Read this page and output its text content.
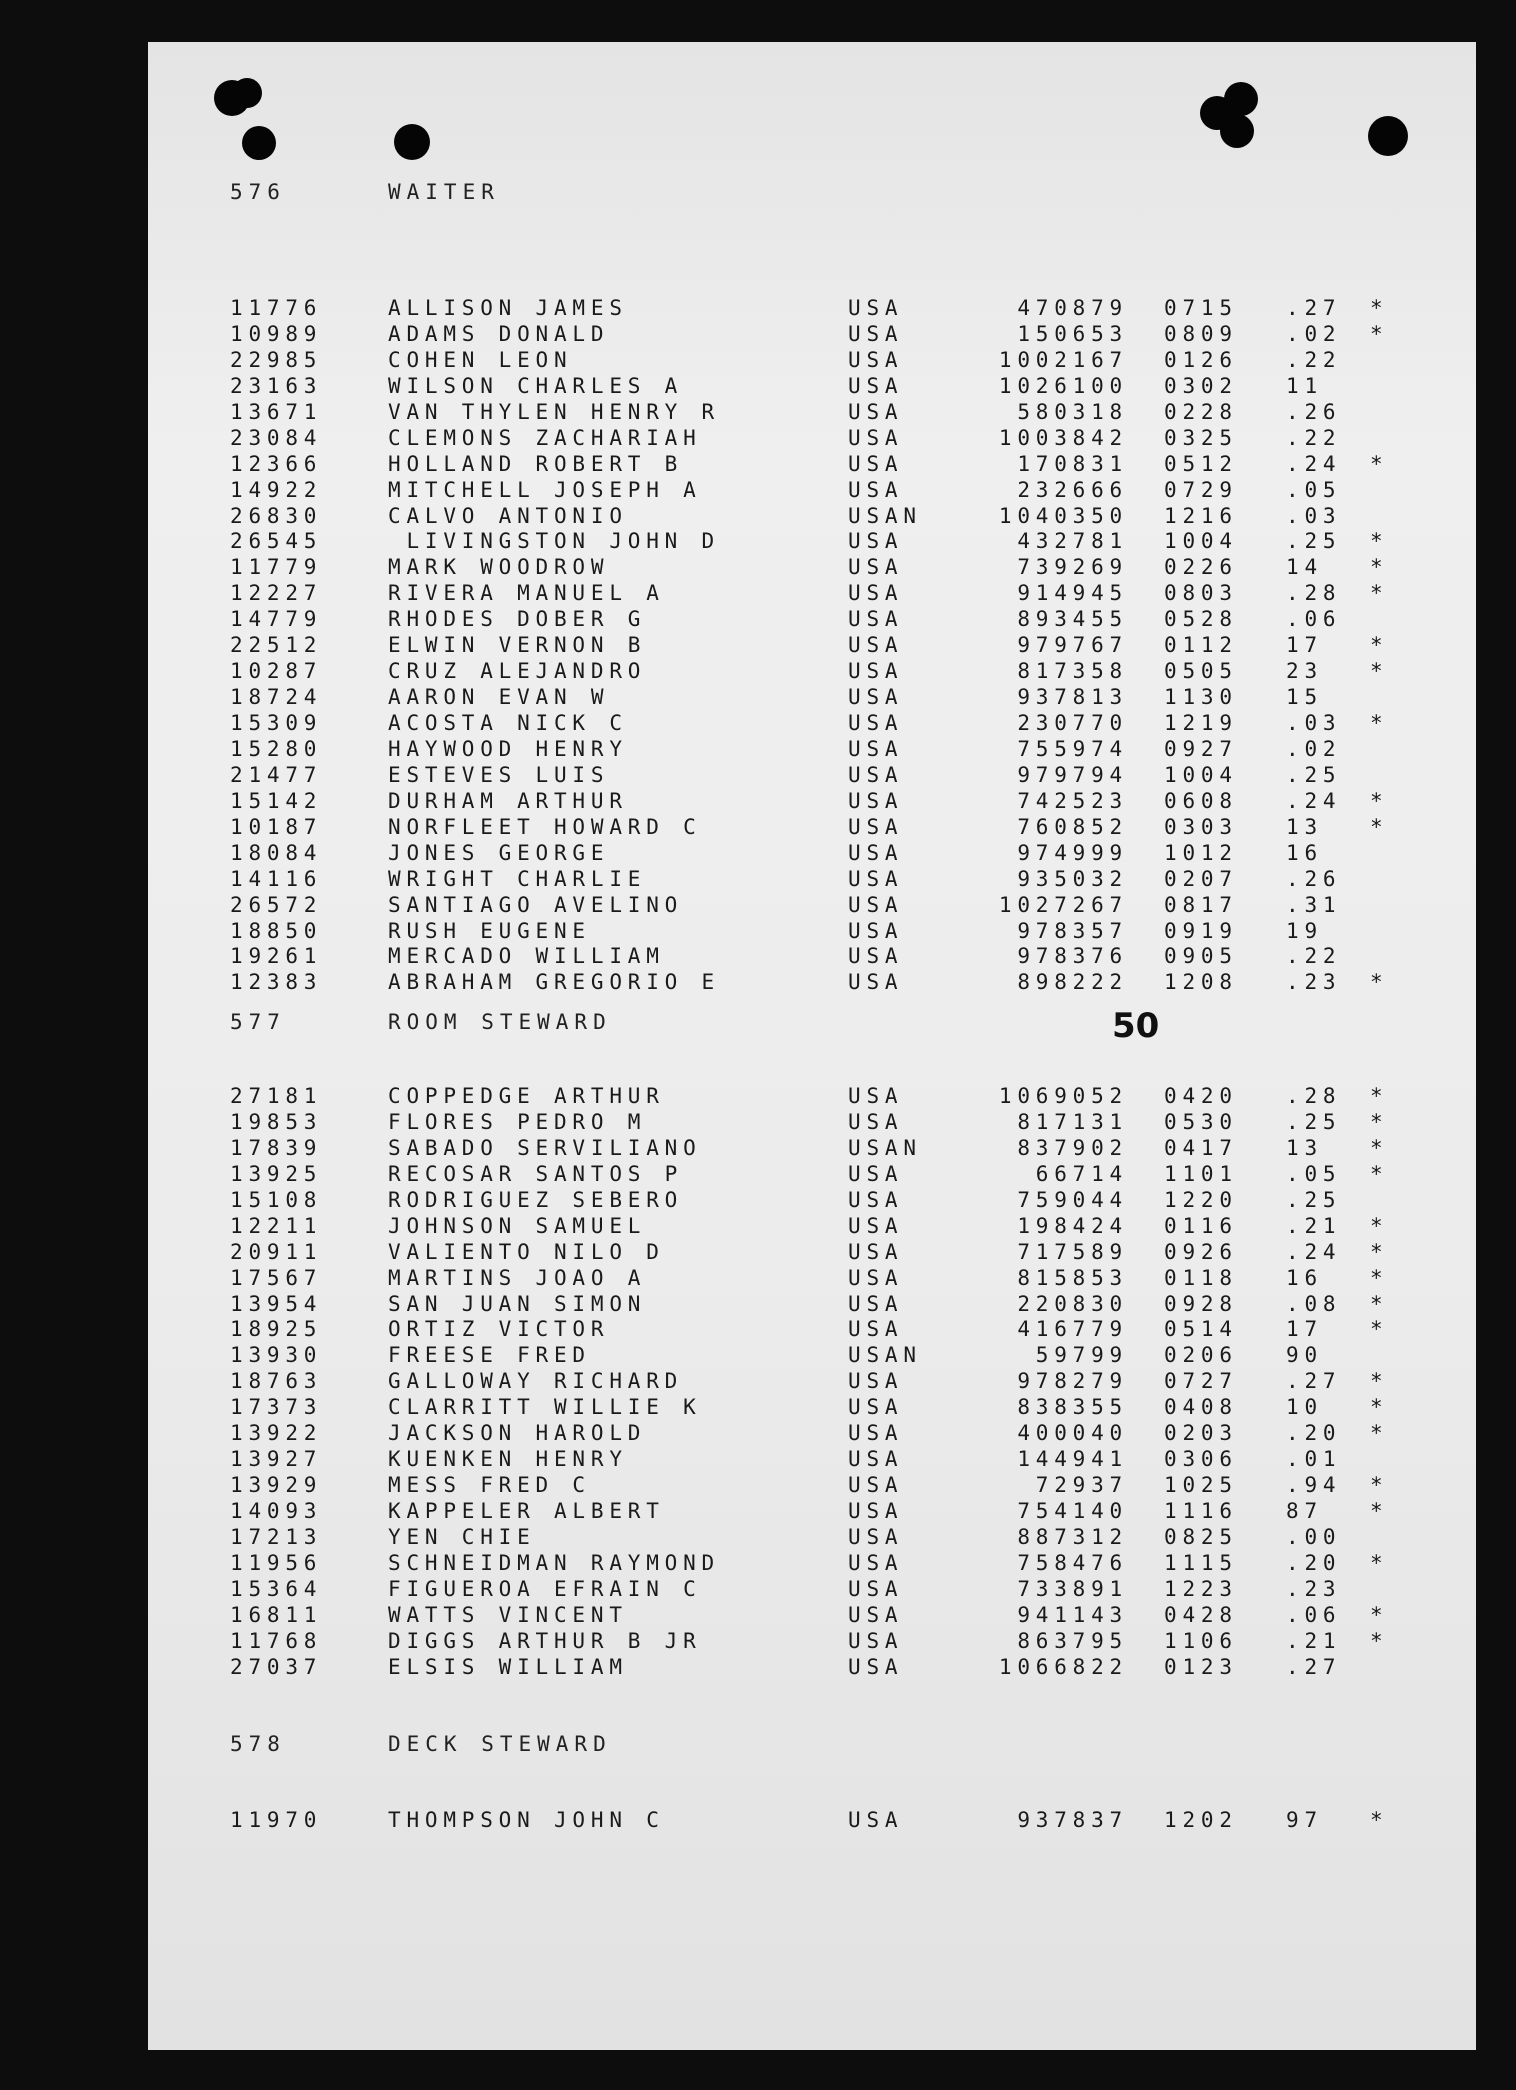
50
576	WAITER
11776	ALLISON JAMES	USA	470879 0715 .27 *
10989	ADAMS DONALD	USA	150653 0809 .02 *
22985	COHEN LEON	USA	1002167 0126 .22
23163	WILSON CHARLES A	USA	1026100 0302 11
13671	VAN THYLEN HENRY R	USA	580318 0228 .26
23084	CLEMONS ZACHARIAH	USA	1003842 0325 .22
12366	HOLLAND ROBERT B	USA	170831 0512 .24 *
14922	MITCHELL JOSEPH A	USA	232666 0729 .05
26830	CALVO ANTONIO	USAN	1040350 1216 .03
26545	LIVINGSTON JOHN D	USA	432781 1004 .25 *
11779	MARK WOODROW	USA	739269 0226 14 *
12227	RIVERA MANUEL A	USA	914945 0803 .28 *
14779	RHODES DOBER G	USA	893455 0528 .06
22512	ELWIN VERNON B	USA	979767 0112 17 *
10287	CRUZ ALEJANDRO	USA	817358 0505 23 *
18724	AARON EVAN W	USA	937813 1130 15
15309	ACOSTA NICK C	USA	230770 1219 .03 *
15280	HAYWOOD HENRY	USA	755974 0927 .02
21477	ESTEVES LUIS	USA	979794 1004 .25
15142	DURHAM ARTHUR	USA	742523 0608 .24 *
10187	NORFLEET HOWARD C	USA	760852 0303 13 *
18084	JONES GEORGE	USA	974999 1012 16
14116	WRIGHT CHARLIE	USA	935032 0207 .26
26572	SANTIAGO AVELINO	USA	1027267 0817 .31
18850	RUSH EUGENE	USA	978357 0919 19
19261	MERCADO WILLIAM	USA	978376 0905 .22
12383	ABRAHAM GREGORIO E	USA	898222 1208 .23 *
577	ROOM STEWARD
27181	COPPEDGE ARTHUR	USA	1069052 0420 .28 *
19853	FLORES PEDRO M	USA	817131 0530 .25 *
17839	SABADO SERVILIANO	USAN	837902 0417 13 *
13925	RECOSAR SANTOS P	USA	66714 1101 .05 *
15108	RODRIGUEZ SEBERO	USA	759044 1220 .25
12211	JOHNSON SAMUEL	USA	198424 0116 .21 *
20911	VALIENTO NILO D	USA	717589 0926 .24 *
17567	MARTINS JOAO A	USA	815853 0118 16 *
13954	SAN JUAN SIMON	USA	220830 0928 .08 *
18925	ORTIZ VICTOR	USA	416779 0514 17 *
13930	FREESE FRED	USAN	59799 0206 90
18763	GALLOWAY RICHARD	USA	978279 0727 .27 *
17373	CLARRITT WILLIE K	USA	838355 0408 10 *
13922	JACKSON HAROLD	USA	400040 0203 .20 *
13927	KUENKEN HENRY	USA	144941 0306 .01
13929	MESS FRED C	USA	72937 1025 .94 *
14093	KAPPELER ALBERT	USA	754140 1116 87 *
17213	YEN CHIE	USA	887312 0825 .00
11956	SCHNEIDMAN RAYMOND	USA	758476 1115 .20 *
15364	FIGUEROA EFRAIN C	USA	733891 1223 .23
16811	WATTS VINCENT	USA	941143 0428 .06 *
11768	DIGGS ARTHUR B JR	USA	863795 1106 .21 *
27037	ELSIS WILLIAM	USA	1066822 0123 .27
578	DECK STEWARD
11970	THOMPSON JOHN C	USA	937837 1202 97 *
